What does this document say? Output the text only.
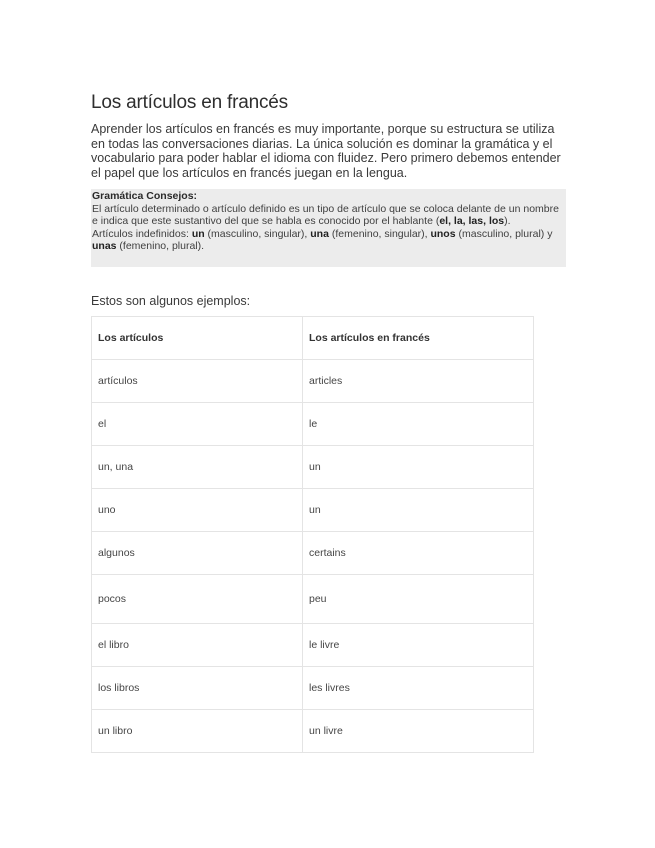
Los artículos en francés

Aprender los artículos en francés es muy importante, porque su estructura se utiliza en todas las conversaciones diarias. La única solución es dominar la gramática y el vocabulario para poder hablar el idioma con fluidez. Pero primero debemos entender el papel que los artículos en francés juegan en la lengua.

Gramática Consejos:
El artículo determinado o artículo definido es un tipo de artículo que se coloca delante de un nombre e indica que este sustantivo del que se habla es conocido por el hablante (el, la, las, los).
Artículos indefinidos: un (masculino, singular), una (femenino, singular), unos (masculino, plural) y unas (femenino, plural).

Estos son algunos ejemplos:

Los artículos	Los artículos en francés
artículos	articles
el	le
un, una	un
uno	un
algunos	certains
pocos	peu
el libro	le livre
los libros	les livres
un libro	un livre
